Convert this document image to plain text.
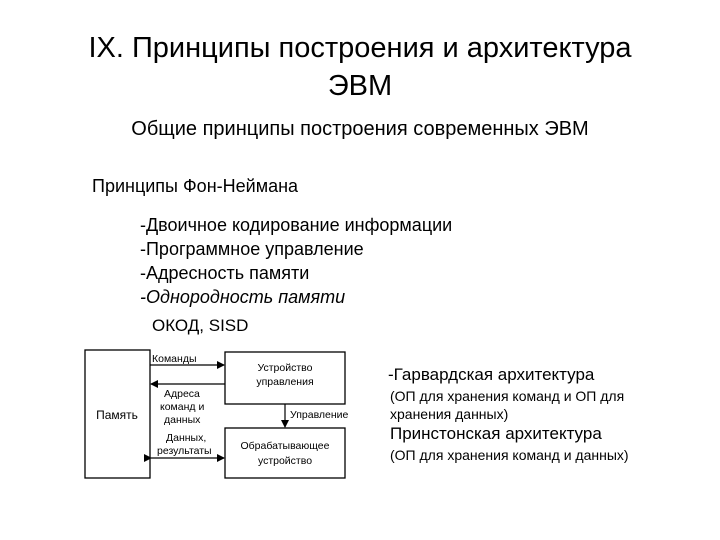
IX. Принципы построения и архитектура
ЭВМ
Общие принципы построения современных ЭВМ
Принципы Фон-Неймана
-Двоичное кодирование информации
-Программное управление
-Адресность памяти
-Однородность памяти
ОКОД, SISD
Память
Устройство
управления
Обрабатывающее
устройство
Команды
Адреса
команд и
данных
Данных,
результаты
Управление
-Гарвардская архитектура
(ОП для хранения команд и ОП для
хранения данных)
Принстонская архитектура
(ОП для хранения команд и данных)
